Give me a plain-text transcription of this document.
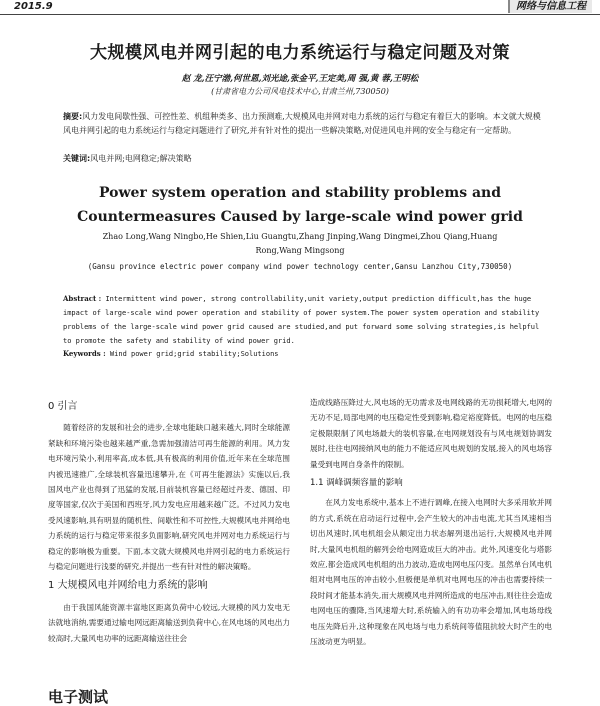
2015.9	网络与信息工程
大规模风电并网引起的电力系统运行与稳定问题及对策
赵 龙,汪宁渤,何世恩,刘光途,张金平,王定美,周 强,黄 蓉,王明松
(甘肃省电力公司风电技术中心,甘肃兰州,730050)
摘要:风力发电间歇性强、可控性差、机组种类多、出力预测难,大规模风电并网对电力系统的运行与稳定有着巨大的影响。本文就大规模风电并网引起的电力系统运行与稳定问题进行了研究,并有针对性的提出一些解决策略,对促进风电并网的安全与稳定有一定帮助。
关键词:风电并网;电网稳定;解决策略
Power system operation and stability problems and
Countermeasures Caused by large-scale wind power grid
Zhao Long,Wang Ningbo,He Shien,Liu Guangtu,Zhang Jinping,Wang Dingmei,Zhou Qiang,Huang Rong,Wang Mingsong
(Gansu province electric power company wind power technology center,Gansu Lanzhou City,730050)
Abstract : Intermittent wind power, strong controllability,unit variety,output prediction difficult,has the huge impact of large-scale wind power operation and stability of power system.The power system operation and stability problems of the large-scale wind power grid caused are studied,and put forward some solving strategies,is helpful to promote the safety and stability of wind power grid.
Keywords : Wind power grid;grid stability;Solutions
0 引言

随着经济的发展和社会的进步,全球电能缺口越来越大,同时全球能源紧缺和环境污染也越来越严重,急需加强清洁可再生能源的利用。风力发电环境污染小,利用率高,成本低,具有极高的利用价值,近年来在全球范围内被迅速推广,全球装机容量迅速攀升,在《可再生能源法》实施以后,我国风电产业也得到了迅猛的发展,目前装机容量已经超过丹麦、德国、印度等国家,仅次于美国和西班牙,风力发电应用越来越广泛。不过风力发电受风速影响,具有明显的随机性、间歇性和不可控性,大规模风电并网给电力系统的运行与稳定带来很多负面影响,研究风电并网对电力系统运行与稳定的影响极为重要。下面,本文就大规模风电并网引起的电力系统运行与稳定问题进行浅要的研究,并提出一些有针对性的解决策略。

1 大规模风电并网给电力系统的影响

由于我国风能资源丰富地区距离负荷中心较远,大规模的风力发电无法就地消纳,需要通过输电网远距离输送到负荷中心,在风电场的风电出力较高时,大量风电功率的远距离输送往往会

造成线路压降过大,风电场的无功需求及电网线路的无功损耗增大,电网的无功不足,局部电网的电压稳定性受到影响,稳定裕度降低。电网的电压稳定极限限制了风电场最大的装机容量,在电网规划没有与风电规划协调发展时,往往电网接纳风电的能力不能适应风电规划的发展,接入的风电场容量受到电网自身条件的限制。

1.1 调峰调频容量的影响

在风力发电系统中,基本上不进行调峰,在接入电网时大多采用软并网的方式,系统在启动运行过程中,会产生较大的冲击电流,尤其当风速相当切出风速时,风电机组会从额定出力状态解列退出运行,大规模风电并网时,大量风电机组的解列会给电网造成巨大的冲击。此外,风速变化与塔影效应,都会造成风电机组的出力波动,造成电网电压闪变。虽然单台风电机组对电网电压的冲击较小,但极便是单机对电网电压的冲击也需要持续一段时间才能基本消失,而大规模风电并网所造成的电压冲击,则往往会造成电网电压的骤降,当风速增大时,系统输入的有功功率会增加,风电场母线电压先降后升,这种现象在风电场与电力系统间等值阻抗较大时产生的电压波动更为明显。

电子测试
